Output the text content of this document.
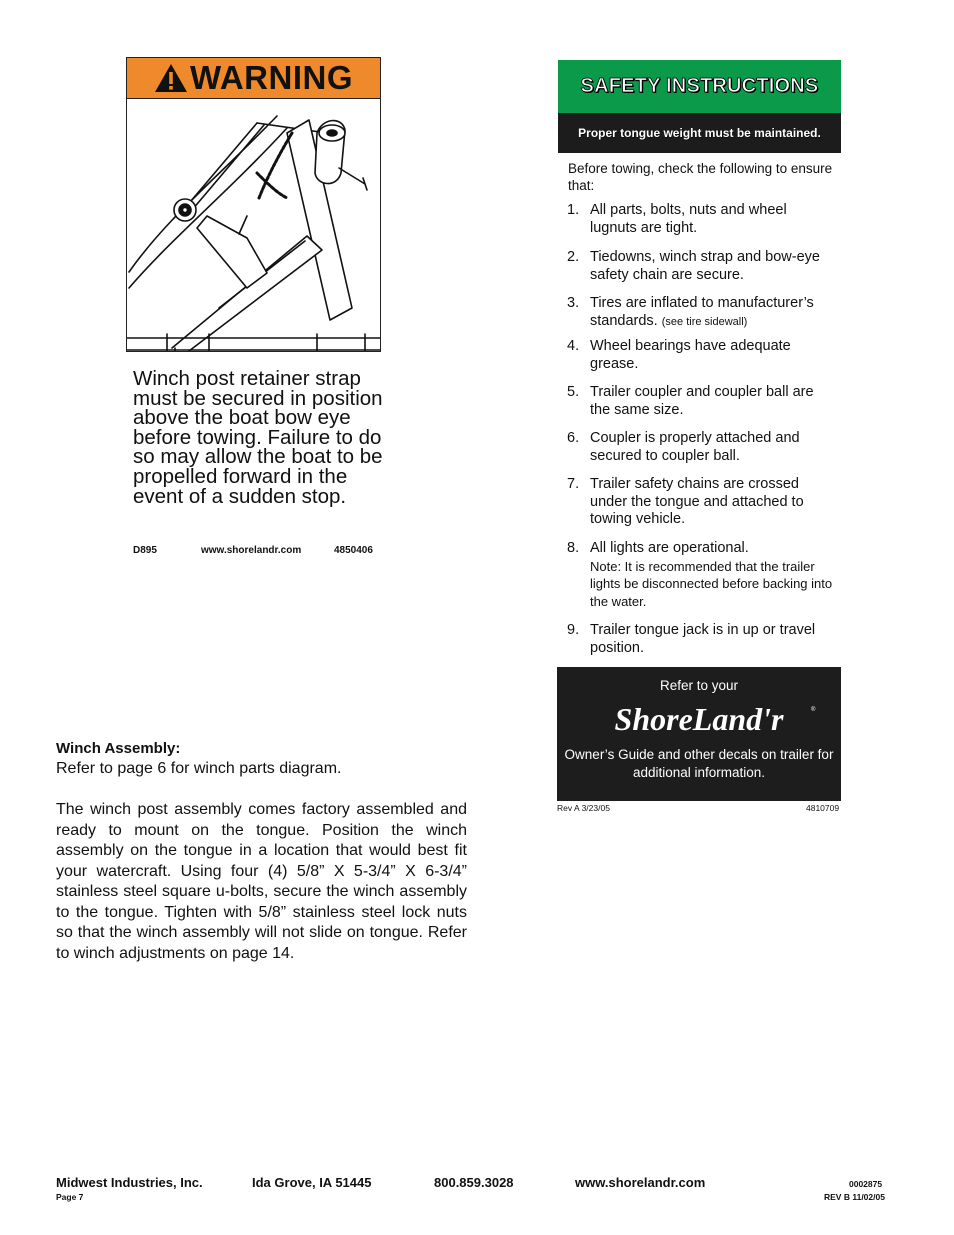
WARNING
Winch post retainer strap must be secured in position above the boat bow eye before towing. Failure to do so may allow the boat to be propelled forward in the event of a sudden stop.
D895	www.shorelandr.com	4850406
SAFETY INSTRUCTIONS
Proper tongue weight must be maintained.
Before towing, check the following to ensure that:
1. All parts, bolts, nuts and wheel lugnuts are tight.
2. Tiedowns, winch strap and bow-eye safety chain are secure.
3. Tires are inflated to manufacturer’s standards. (see tire sidewall)
4. Wheel bearings have adequate grease.
5. Trailer coupler and coupler ball are the same size.
6. Coupler is properly attached and secured to coupler ball.
7. Trailer safety chains are crossed under the tongue and attached to towing vehicle.
8. All lights are operational.
Note: It is recommended that the trailer lights be disconnected before backing into the water.
9. Trailer tongue jack is in up or travel position.
Refer to your
ShoreLand'r	®
Owner’s Guide and other decals on trailer for additional information.
Rev A 3/23/05	4810709
Winch Assembly:
Refer to page 6 for winch parts diagram.
The winch post assembly comes factory assembled and ready to mount on the tongue. Position the winch assembly on the tongue in a location that would best fit your watercraft. Using four (4) 5/8” X 5-3/4” X 6-3/4” stainless steel square u-bolts, secure the winch assembly to the tongue. Tighten with 5/8” stainless steel lock nuts so that the winch assembly will not slide on tongue. Refer to winch adjustments on page 14.
Midwest Industries, Inc.	Ida Grove, IA 51445	800.859.3028	www.shorelandr.com
Page 7
0002875
REV B 11/02/05
